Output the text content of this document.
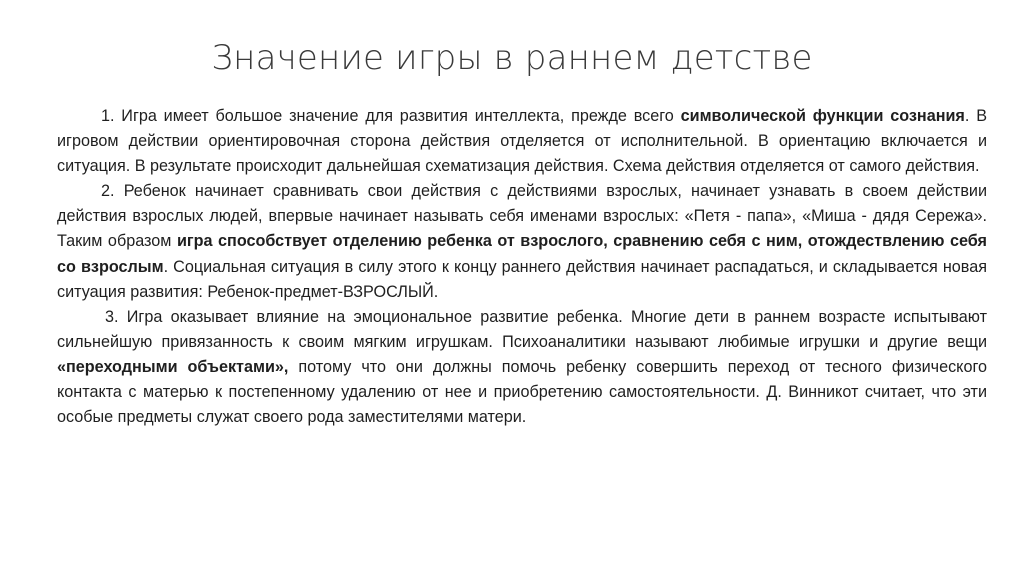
Значение игры в раннем детстве

1. Игра имеет большое значение для развития интеллекта, прежде всего символической функции сознания. В игровом действии ориентировочная сторона действия отделяется от исполнительной. В ориентацию включается и ситуация. В результате происходит дальнейшая схематизация действия. Схема действия отделяется от самого действия.

2. Ребенок начинает сравнивать свои действия с действиями взрослых, начинает узнавать в своем действии действия взрослых людей, впервые начинает называть себя именами взрослых: «Петя - папа», «Миша - дядя Сережа». Таким образом игра способствует отделению ребенка от взрослого, сравнению себя с ним, отождествлению себя со взрослым. Социальная ситуация в силу этого к концу раннего действия начинает распадаться, и складывается новая ситуация развития: Ребенок-предмет-ВЗРОСЛЫЙ.

3. Игра оказывает влияние на эмоциональное развитие ребенка. Многие дети в раннем возрасте испытывают сильнейшую привязанность к своим мягким игрушкам. Психоаналитики называют любимые игрушки и другие вещи «переходными объектами», потому что они должны помочь ребенку совершить переход от тесного физического контакта с матерью к постепенному удалению от нее и приобретению самостоятельности. Д. Винникот считает, что эти особые предметы служат своего рода заместителями матери.
